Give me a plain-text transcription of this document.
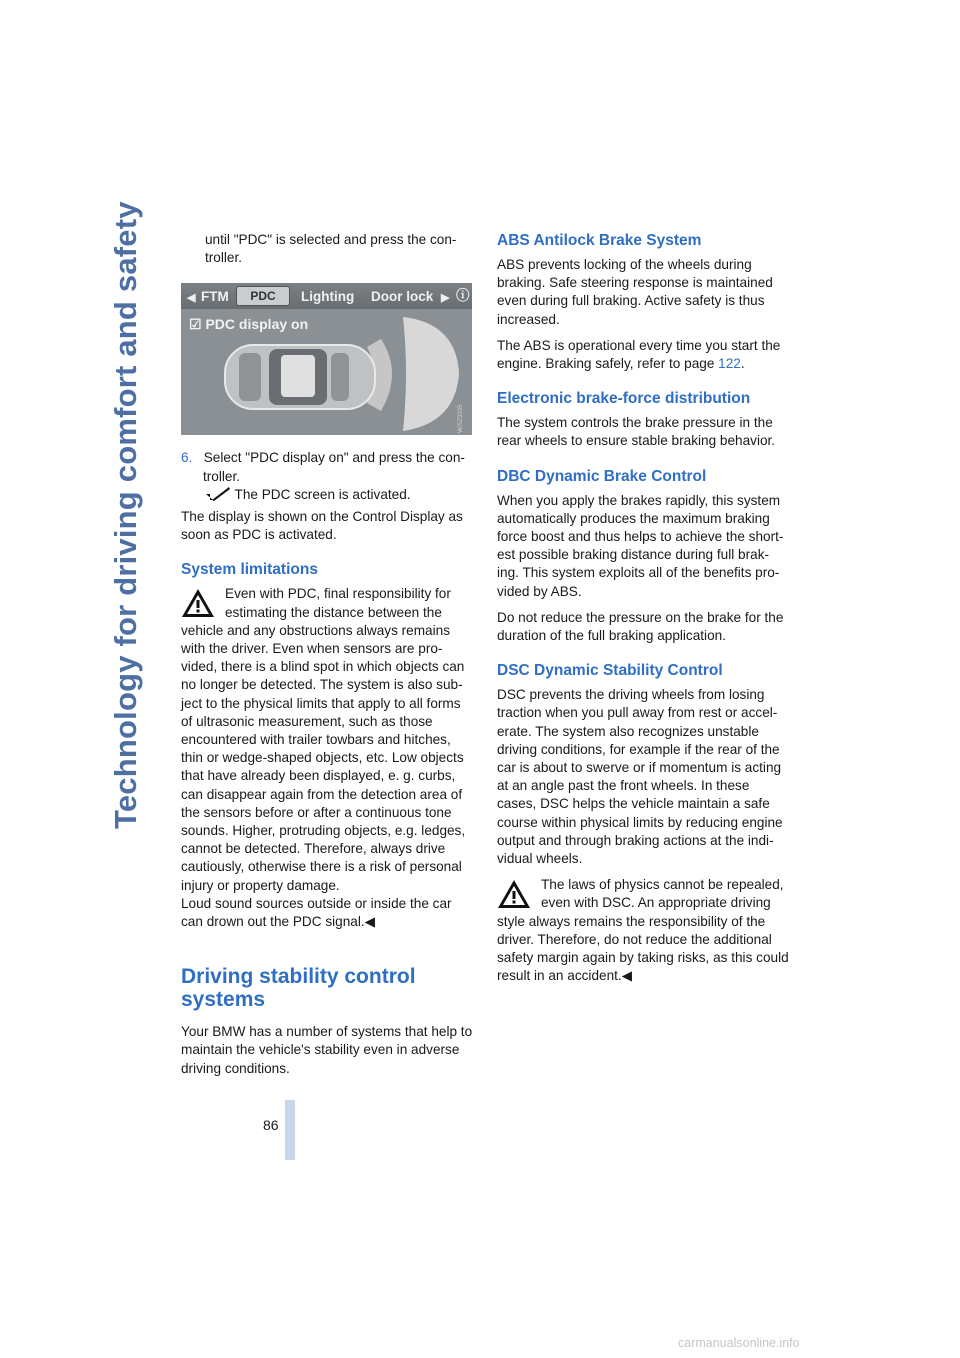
Technology for driving comfort and safety	until "PDC" is selected and press the con-troller.

◀ FTM	PDC	Lighting Door lock ▶ ⓘ
☑ PDC display on
W/SZ3335

6. Select "PDC display on" and press the con-troller.

The PDC screen is activated.

The display is shown on the Control Display as soon as PDC is activated.

System limitations

Even with PDC, final responsibility for estimating the distance between the vehicle and any obstructions always remains with the driver. Even when sensors are pro-vided, there is a blind spot in which objects can no longer be detected. The system is also sub-ject to the physical limits that apply to all forms of ultrasonic measurement, such as those encountered with trailer towbars and hitches, thin or wedge-shaped objects, etc. Low objects that have already been displayed, e. g. curbs, can disappear again from the detection area of the sensors before or after a continuous tone sounds. Higher, protruding objects, e.g. ledges, cannot be detected. Therefore, always drive cautiously, otherwise there is a risk of personal injury or property damage.

Loud sound sources outside or inside the car can drown out the PDC signal.◀

Driving stability control systems

Your BMW has a number of systems that help to maintain the vehicle's stability even in adverse driving conditions.

ABS Antilock Brake System

ABS prevents locking of the wheels during braking. Safe steering response is maintained even during full braking. Active safety is thus increased.

The ABS is operational every time you start the engine. Braking safely, refer to page 122.

Electronic brake-force distribution

The system controls the brake pressure in the rear wheels to ensure stable braking behavior.

DBC Dynamic Brake Control

When you apply the brakes rapidly, this system automatically produces the maximum braking force boost and thus helps to achieve the short-est possible braking distance during full brak-ing. This system exploits all of the benefits pro-vided by ABS.

Do not reduce the pressure on the brake for the duration of the full braking application.

DSC Dynamic Stability Control

DSC prevents the driving wheels from losing traction when you pull away from rest or accel-erate. The system also recognizes unstable driving conditions, for example if the rear of the car is about to swerve or if momentum is acting at an angle past the front wheels. In these cases, DSC helps the vehicle maintain a safe course within physical limits by reducing engine output and through braking actions at the indi-vidual wheels.

The laws of physics cannot be repealed, even with DSC. An appropriate driving style always remains the responsibility of the driver. Therefore, do not reduce the additional safety margin again by taking risks, as this could result in an accident.◀

86
carmanualsonline.info
